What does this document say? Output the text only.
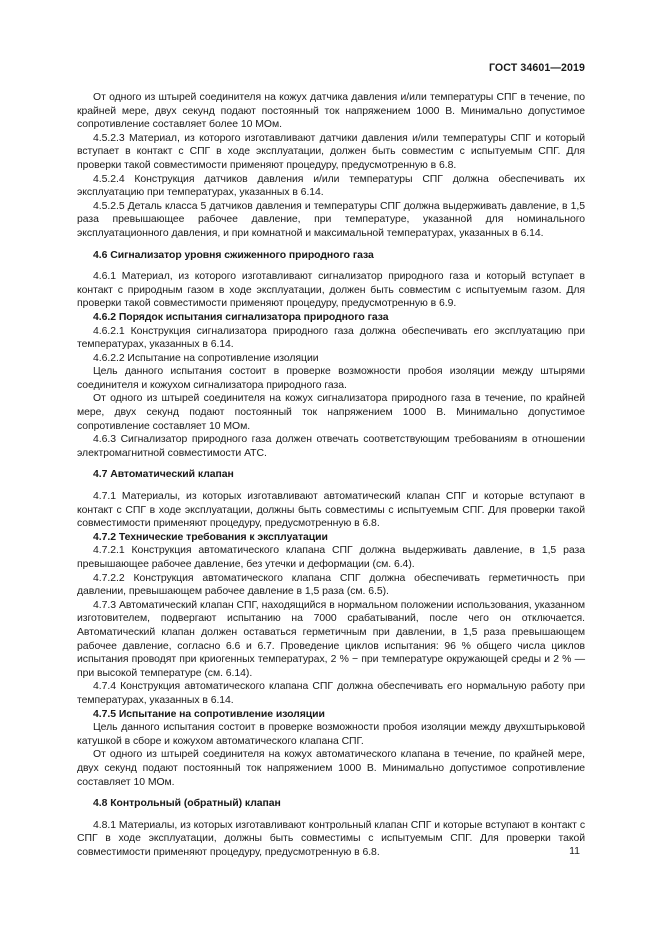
ГОСТ 34601—2019

От одного из штырей соединителя на кожух датчика давления и/или температуры СПГ в течение, по крайней мере, двух секунд подают постоянный ток напряжением 1000 В. Минимально допустимое сопротивление составляет более 10 МОм.

4.5.2.3 Материал, из которого изготавливают датчики давления и/или температуры СПГ и который вступает в контакт с СПГ в ходе эксплуатации, должен быть совместим с испытуемым СПГ. Для проверки такой совместимости применяют процедуру, предусмотренную в 6.8.

4.5.2.4 Конструкция датчиков давления и/или температуры СПГ должна обеспечивать их эксплуатацию при температурах, указанных в 6.14.

4.5.2.5 Деталь класса 5 датчиков давления и температуры СПГ должна выдерживать давление, в 1,5 раза превышающее рабочее давление, при температуре, указанной для номинального эксплуатационного давления, и при комнатной и максимальной температурах, указанных в 6.14.

4.6 Сигнализатор уровня сжиженного природного газа

4.6.1 Материал, из которого изготавливают сигнализатор природного газа и который вступает в контакт с природным газом в ходе эксплуатации, должен быть совместим с испытуемым газом. Для проверки такой совместимости применяют процедуру, предусмотренную в 6.9.

4.6.2 Порядок испытания сигнализатора природного газа

4.6.2.1 Конструкция сигнализатора природного газа должна обеспечивать его эксплуатацию при температурах, указанных в 6.14.

4.6.2.2 Испытание на сопротивление изоляции

Цель данного испытания состоит в проверке возможности пробоя изоляции между штырями соединителя и кожухом сигнализатора природного газа.

От одного из штырей соединителя на кожух сигнализатора природного газа в течение, по крайней мере, двух секунд подают постоянный ток напряжением 1000 В. Минимально допустимое сопротивление составляет 10 МОм.

4.6.3 Сигнализатор природного газа должен отвечать соответствующим требованиям в отношении электромагнитной совместимости АТС.

4.7 Автоматический клапан

4.7.1 Материалы, из которых изготавливают автоматический клапан СПГ и которые вступают в контакт с СПГ в ходе эксплуатации, должны быть совместимы с испытуемым СПГ. Для проверки такой совместимости применяют процедуру, предусмотренную в 6.8.

4.7.2 Технические требования к эксплуатации

4.7.2.1 Конструкция автоматического клапана СПГ должна выдерживать давление, в 1,5 раза превышающее рабочее давление, без утечки и деформации (см. 6.4).

4.7.2.2 Конструкция автоматического клапана СПГ должна обеспечивать герметичность при давлении, превышающем рабочее давление в 1,5 раза (см. 6.5).

4.7.3 Автоматический клапан СПГ, находящийся в нормальном положении использования, указанном изготовителем, подвергают испытанию на 7000 срабатываний, после чего он отключается. Автоматический клапан должен оставаться герметичным при давлении, в 1,5 раза превышающем рабочее давление, согласно 6.6 и 6.7. Проведение циклов испытания: 96 % общего числа циклов испытания проводят при криогенных температурах, 2 % − при температуре окружающей среды и 2 % — при высокой температуре (см. 6.14).

4.7.4 Конструкция автоматического клапана СПГ должна обеспечивать его нормальную работу при температурах, указанных в 6.14.

4.7.5 Испытание на сопротивление изоляции

Цель данного испытания состоит в проверке возможности пробоя изоляции между двухштырьковой катушкой в сборе и кожухом автоматического клапана СПГ.

От одного из штырей соединителя на кожух автоматического клапана в течение, по крайней мере, двух секунд подают постоянный ток напряжением 1000 В. Минимально допустимое сопротивление составляет 10 МОм.

4.8 Контрольный (обратный) клапан

4.8.1 Материалы, из которых изготавливают контрольный клапан СПГ и которые вступают в контакт с СПГ в ходе эксплуатации, должны быть совместимы с испытуемым СПГ. Для проверки такой совместимости применяют процедуру, предусмотренную в 6.8.	11
